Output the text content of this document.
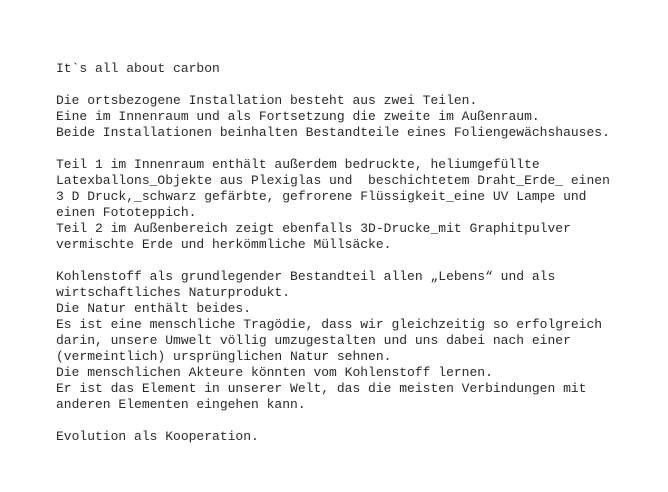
It`s all about carbon
Die ortsbezogene Installation besteht aus zwei Teilen.
Eine im Innenraum und als Fortsetzung die zweite im Außenraum.
Beide Installationen beinhalten Bestandteile eines Foliengewächshauses.
Teil 1 im Innenraum enthält außerdem bedruckte, heliumgefüllte
Latexballons_Objekte aus Plexiglas und  beschichtetem Draht_Erde_ einen
3 D Druck,_schwarz gefärbte, gefrorene Flüssigkeit_eine UV Lampe und
einen Fototeppich.
Teil 2 im Außenbereich zeigt ebenfalls 3D-Drucke_mit Graphitpulver
vermischte Erde und herkömmliche Müllsäcke.
Kohlenstoff als grundlegender Bestandteil allen „Lebens“ und als
wirtschaftliches Naturprodukt.
Die Natur enthält beides.
Es ist eine menschliche Tragödie, dass wir gleichzeitig so erfolgreich
darin, unsere Umwelt völlig umzugestalten und uns dabei nach einer
(vermeintlich) ursprünglichen Natur sehnen.
Die menschlichen Akteure könnten vom Kohlenstoff lernen.
Er ist das Element in unserer Welt, das die meisten Verbindungen mit
anderen Elementen eingehen kann.
Evolution als Kooperation.
